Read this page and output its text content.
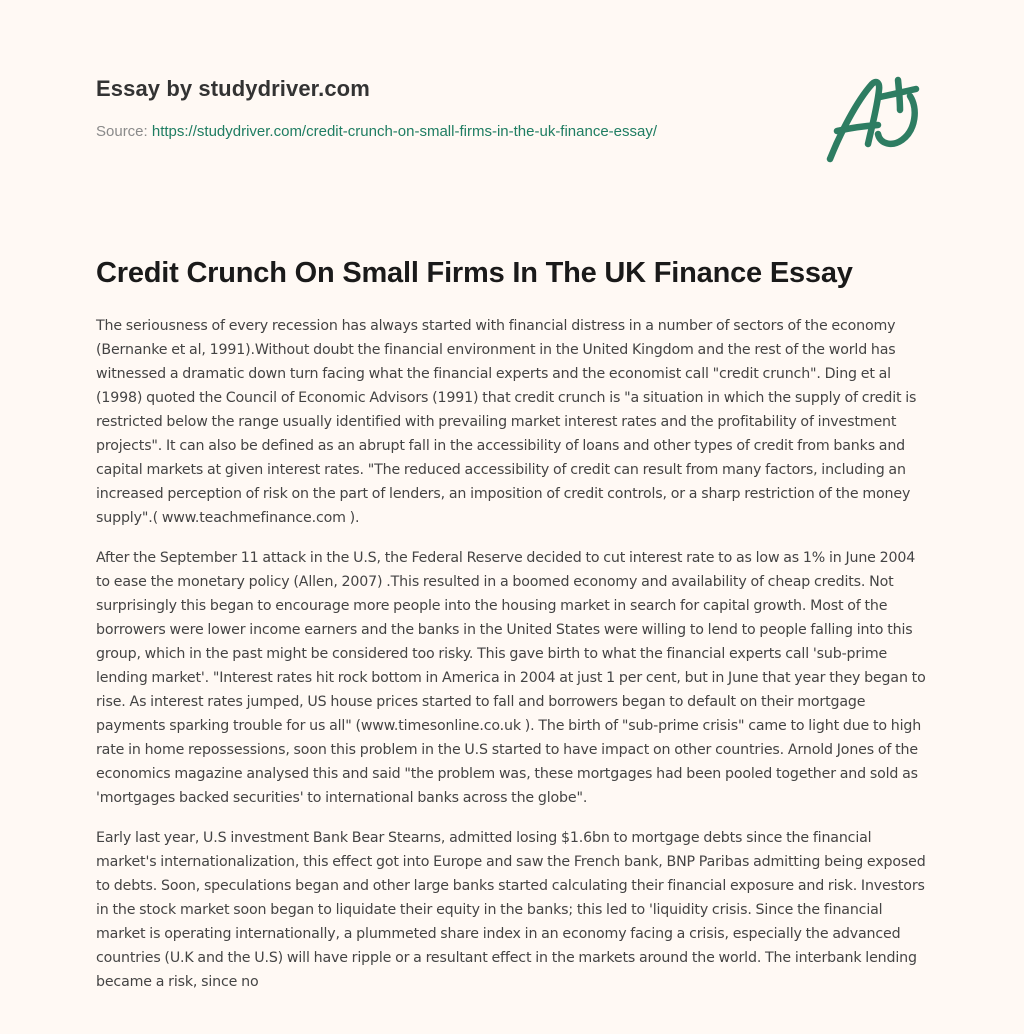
Essay by studydriver.com
Source: https://studydriver.com/credit-crunch-on-small-firms-in-the-uk-finance-essay/
Credit Crunch On Small Firms In The UK Finance Essay

The seriousness of every recession has always started with financial distress in a number of sectors of the economy (Bernanke et al, 1991).Without doubt the financial environment in the United Kingdom and the rest of the world has witnessed a dramatic down turn facing what the financial experts and the economist call "credit crunch". Ding et al (1998) quoted the Council of Economic Advisors (1991) that credit crunch is "a situation in which the supply of credit is restricted below the range usually identified with prevailing market interest rates and the profitability of investment projects". It can also be defined as an abrupt fall in the accessibility of loans and other types of credit from banks and capital markets at given interest rates. "The reduced accessibility of credit can result from many factors, including an increased perception of risk on the part of lenders, an imposition of credit controls, or a sharp restriction of the money supply".( www.teachmefinance.com ).

After the September 11 attack in the U.S, the Federal Reserve decided to cut interest rate to as low as 1% in June 2004 to ease the monetary policy (Allen, 2007) .This resulted in a boomed economy and availability of cheap credits. Not surprisingly this began to encourage more people into the housing market in search for capital growth. Most of the borrowers were lower income earners and the banks in the United States were willing to lend to people falling into this group, which in the past might be considered too risky. This gave birth to what the financial experts call 'sub-prime lending market'. "Interest rates hit rock bottom in America in 2004 at just 1 per cent, but in June that year they began to rise. As interest rates jumped, US house prices started to fall and borrowers began to default on their mortgage payments sparking trouble for us all" (www.timesonline.co.uk ). The birth of "sub-prime crisis" came to light due to high rate in home repossessions, soon this problem in the U.S started to have impact on other countries. Arnold Jones of the economics magazine analysed this and said "the problem was, these mortgages had been pooled together and sold as 'mortgages backed securities' to international banks across the globe".

Early last year, U.S investment Bank Bear Stearns, admitted losing $1.6bn to mortgage debts since the financial market's internationalization, this effect got into Europe and saw the French bank, BNP Paribas admitting being exposed to debts. Soon, speculations began and other large banks started calculating their financial exposure and risk. Investors in the stock market soon began to liquidate their equity in the banks; this led to 'liquidity crisis. Since the financial market is operating internationally, a plummeted share index in an economy facing a crisis, especially the advanced countries (U.K and the U.S) will have ripple or a resultant effect in the markets around the world. The interbank lending became a risk, since no
